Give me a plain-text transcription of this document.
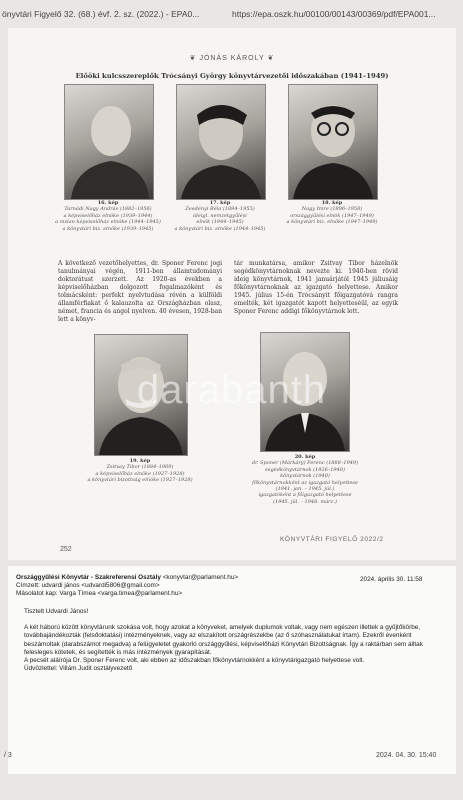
önyvtári Figyelő 32. (68.) évf. 2. sz. (2022.) - EPA0...	https://epa.oszk.hu/00100/00143/00369/pdf/EPA001...
❦ JÓNÁS KÁROLY ❦
Előöki kulcsszereplők Trócsányi György könyvtárvezetői időszakában (1941–1949)
16. kép
Tarnádi Nagy András (1882–1956)
a képviselőház elnöke (1939–1944)
a mslan képviselőház elnöke (1944–1945)
a könyvtári biz. elnöke (1939–1945)
17. kép
Zeedényi Béla (1894–1955)
ideigl. nemzetgyűlési
elnök (1944–1945)
a könyvtári biz. elnöke (1944–1945)
18. kép
Nagy Imre (1896–1958)
országgyűlési elnök (1947–1949)
a könyvtári biz. elnöke (1947–1949)
A következő vezetőhelyettes, dr. Sponer Ferenc jogi tanulmányai végén, 1911-ben államtudományi doktorátust szerzett. Az 1920-as években a képviselőházban dolgozott fogalmazóként és tolmácsként: perfekt nyelvtudása révén a külföldi államférfiakat ő kalauzolta az Országházban olasz, német, francia és angol nyelven. 40 évesen, 1928-ban lett a könyv-
tár munkatársa, amikor Zsitvay Tibor házelnök segédkönyvtárnoknak nevezte ki. 1940-ben rövid ideig könyvtárnok, 1941 januárjától 1945 júliusáig főkönyvtárnoknak az igazgató helyettese. Amikor 1945. július 15-én Trócsányit főigazgatóvá rangra emelték, két igazgatót kapott helyetteséül, az egyik Sponer Ferenc addigi főkönyvtárnok lett.
19. kép
Zsitvay Tibor (1884–1969)
a képviselőház elnöke (1927–1928)
a könyvtári bizottság elnöke (1927–1928)
20. kép
dr. Sponer (Márkáry) Ferenc (1888–1949)
segédkönyvtárnok (1926–1940)
könyvtárnok (1940)
főkönyvtárnokként az igazgató helyettese
(1941. jan. – 1945. júl.)
igazgatóként a főigazgató helyettese
(1945. júl. – 1948. márc.)
KÖNYVTÁRI FIGYELŐ 2022/2
252
Országgyűlési Könyvtár - Szakreferensi Osztály <konyvtar@parlament.hu>	2024. április 30. 11:58
Címzett: udvardi jános <udvardi5806@gmail.com>
Másolatot kap: Varga Tímea <varga.timea@parlament.hu>

Tisztelt Udvardi János!

A két háború között könyvtárunk szokása volt, hogy azokat a könyveket, amelyek duplumok voltak, vagy nem egészen illettek a gyűjtőkörbe, továbbajándékozták (felsőoktatási) intézményeknek, vagy az elszakított országrészekbe (az ő szóhasználatukat írtam). Ezekről évenként beszámoltak (darabszámot megadva) a felügyeletet gyakorló országgyűlési, képviselőházi Könyvtári Bizottságnak. Így a raktárban sem álltak felesleges kötetek, és segítették is más intézmények gyarapítását.

A pecsét aláírója Dr. Sponer Ferenc volt, aki ebben az időszakban főkönyvtárnokként a könyvtárigazgató helyettese volt.

Üdvözlettel: Villám Judit osztályvezető

darabanth
/ 3	2024. 04. 30. 15:40
